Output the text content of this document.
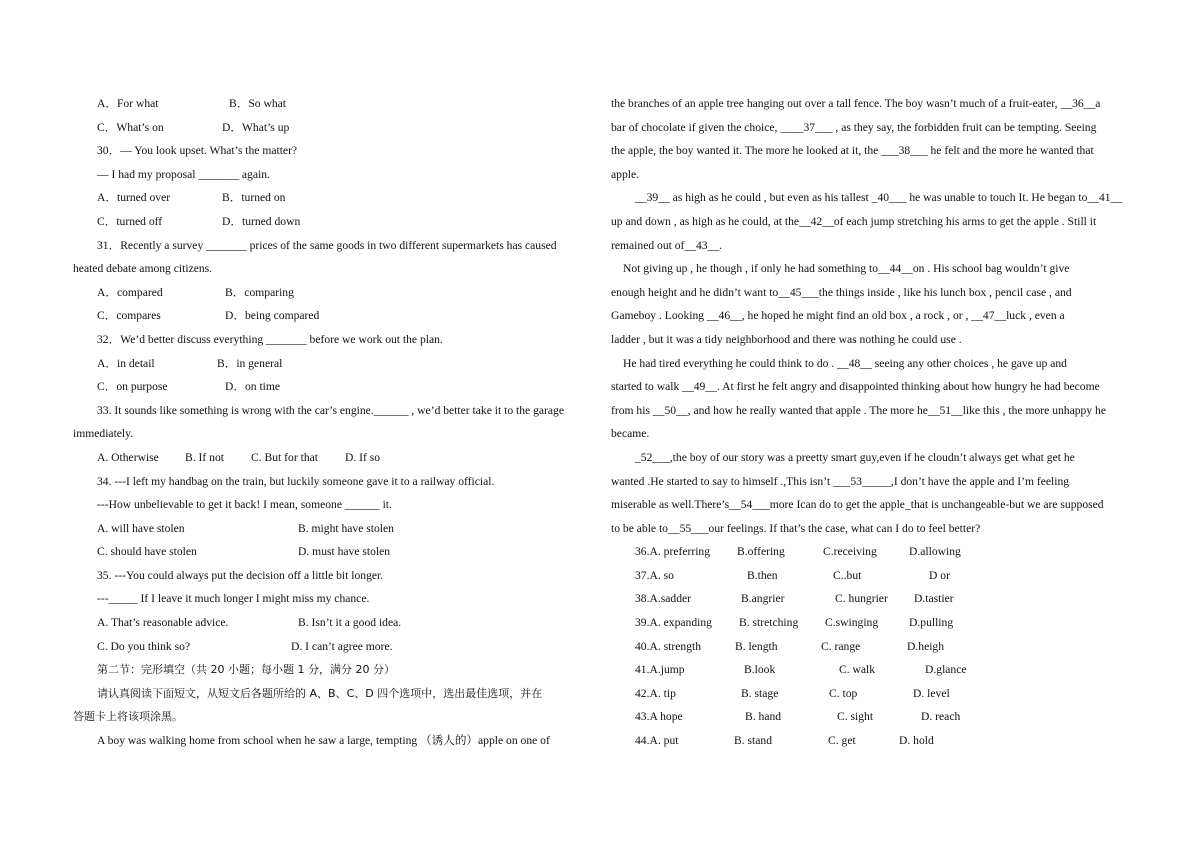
A．For what	B．So what
C．What’s on	D．What’s up
30．— You look upset. What’s the matter?
— I had my proposal _______ again.
A．turned over	B．turned on
C．turned off	D．turned down
31．Recently a survey _______ prices of the same goods in two different supermarkets has caused
heated debate among citizens.
A．compared	B．comparing
C．compares	D．being compared
32．We’d better discuss everything _______ before we work out the plan.
A．in detail	B．in general
C．on purpose	D．on time
33. It sounds like something is wrong with the car’s engine.______ , we’d better take it to the garage
immediately.
A. Otherwise	B. If not	C. But for that	D. If so
34. ---I left my handbag on the train, but luckily someone gave it to a railway official.
---How unbelievable to get it back! I mean, someone ______ it.
A. will have stolen	B. might have stolen
C. should have stolen	D. must have stolen
35. ---You could always put the decision off a little bit longer.
---_____ If I leave it much longer I might miss my chance.
A. That’s reasonable advice.	B. Isn’t it a good idea.
C. Do you think so?	D. I can’t agree more.
第二节：完形填空（共 20 小题；每小题 1 分，满分 20 分）
请认真阅读下面短文，从短文后各题所给的 A、B、C、D 四个选项中，选出最佳选项，并在
答题卡上将该项涂黑。
A boy was walking home from school when he saw a large, tempting （诱人的）apple on one of
the branches of an apple tree hanging out over a tall fence. The boy wasn’t much of a fruit-eater, __36__a
bar of chocolate if given the choice, ____37___ , as they say, the forbidden fruit can be tempting. Seeing
the apple, the boy wanted it. The more he looked at it, the ___38___ he felt and the more he wanted that
apple.
__39__ as high as he could , but even as his tallest _40___ he was unable to touch It. He began to__41__
up and down , as high as he could, at the__42__of each jump stretching his arms to get the apple . Still it
remained out of__43__.
Not giving up , he though , if only he had something to__44__on . His school bag wouldn’t give
enough height and he didn’t want to__45___the things inside , like his lunch box , pencil case , and
Gameboy . Looking __46__, he hoped he might find an old box , a rock , or , __47__luck , even a
ladder , but it was a tidy neighborhood and there was nothing he could use .
He had tired everything he could think to do . __48__ seeing any other choices , he gave up and
started to walk __49__. At first he felt angry and disappointed thinking about how hungry he had become
from his __50__, and how he really wanted that apple . The more he__51__like this , the more unhappy he
became.
_52___,the boy of our story was a preetty smart guy,even if he cloudn’t always get what get he
wanted .He started to say to himself .,This isn’t ___53_____,I don’t have the apple and I’m feeling
miserable as well.There’s__54___more Ican do to get the apple_that is unchangeable-but we are supposed
to be able to__55___our feelings. If that’s the case, what can I do to feel better?
36.A. preferring	B.offering	C.receiving	D.allowing
37.A. so	B.then	C..but	D or
38.A.sadder	B.angrier	C. hungrier	D.tastier
39.A. expanding	B. stretching	C.swinging	D.pulling
40.A. strength	B. length	C. range	D.heigh
41.A.jump	B.look	C. walk	D.glance
42.A. tip	B. stage	C. top	D. level
43.A hope	B. hand	C. sight	D. reach
44.A. put	B. stand	C. get	D. hold
